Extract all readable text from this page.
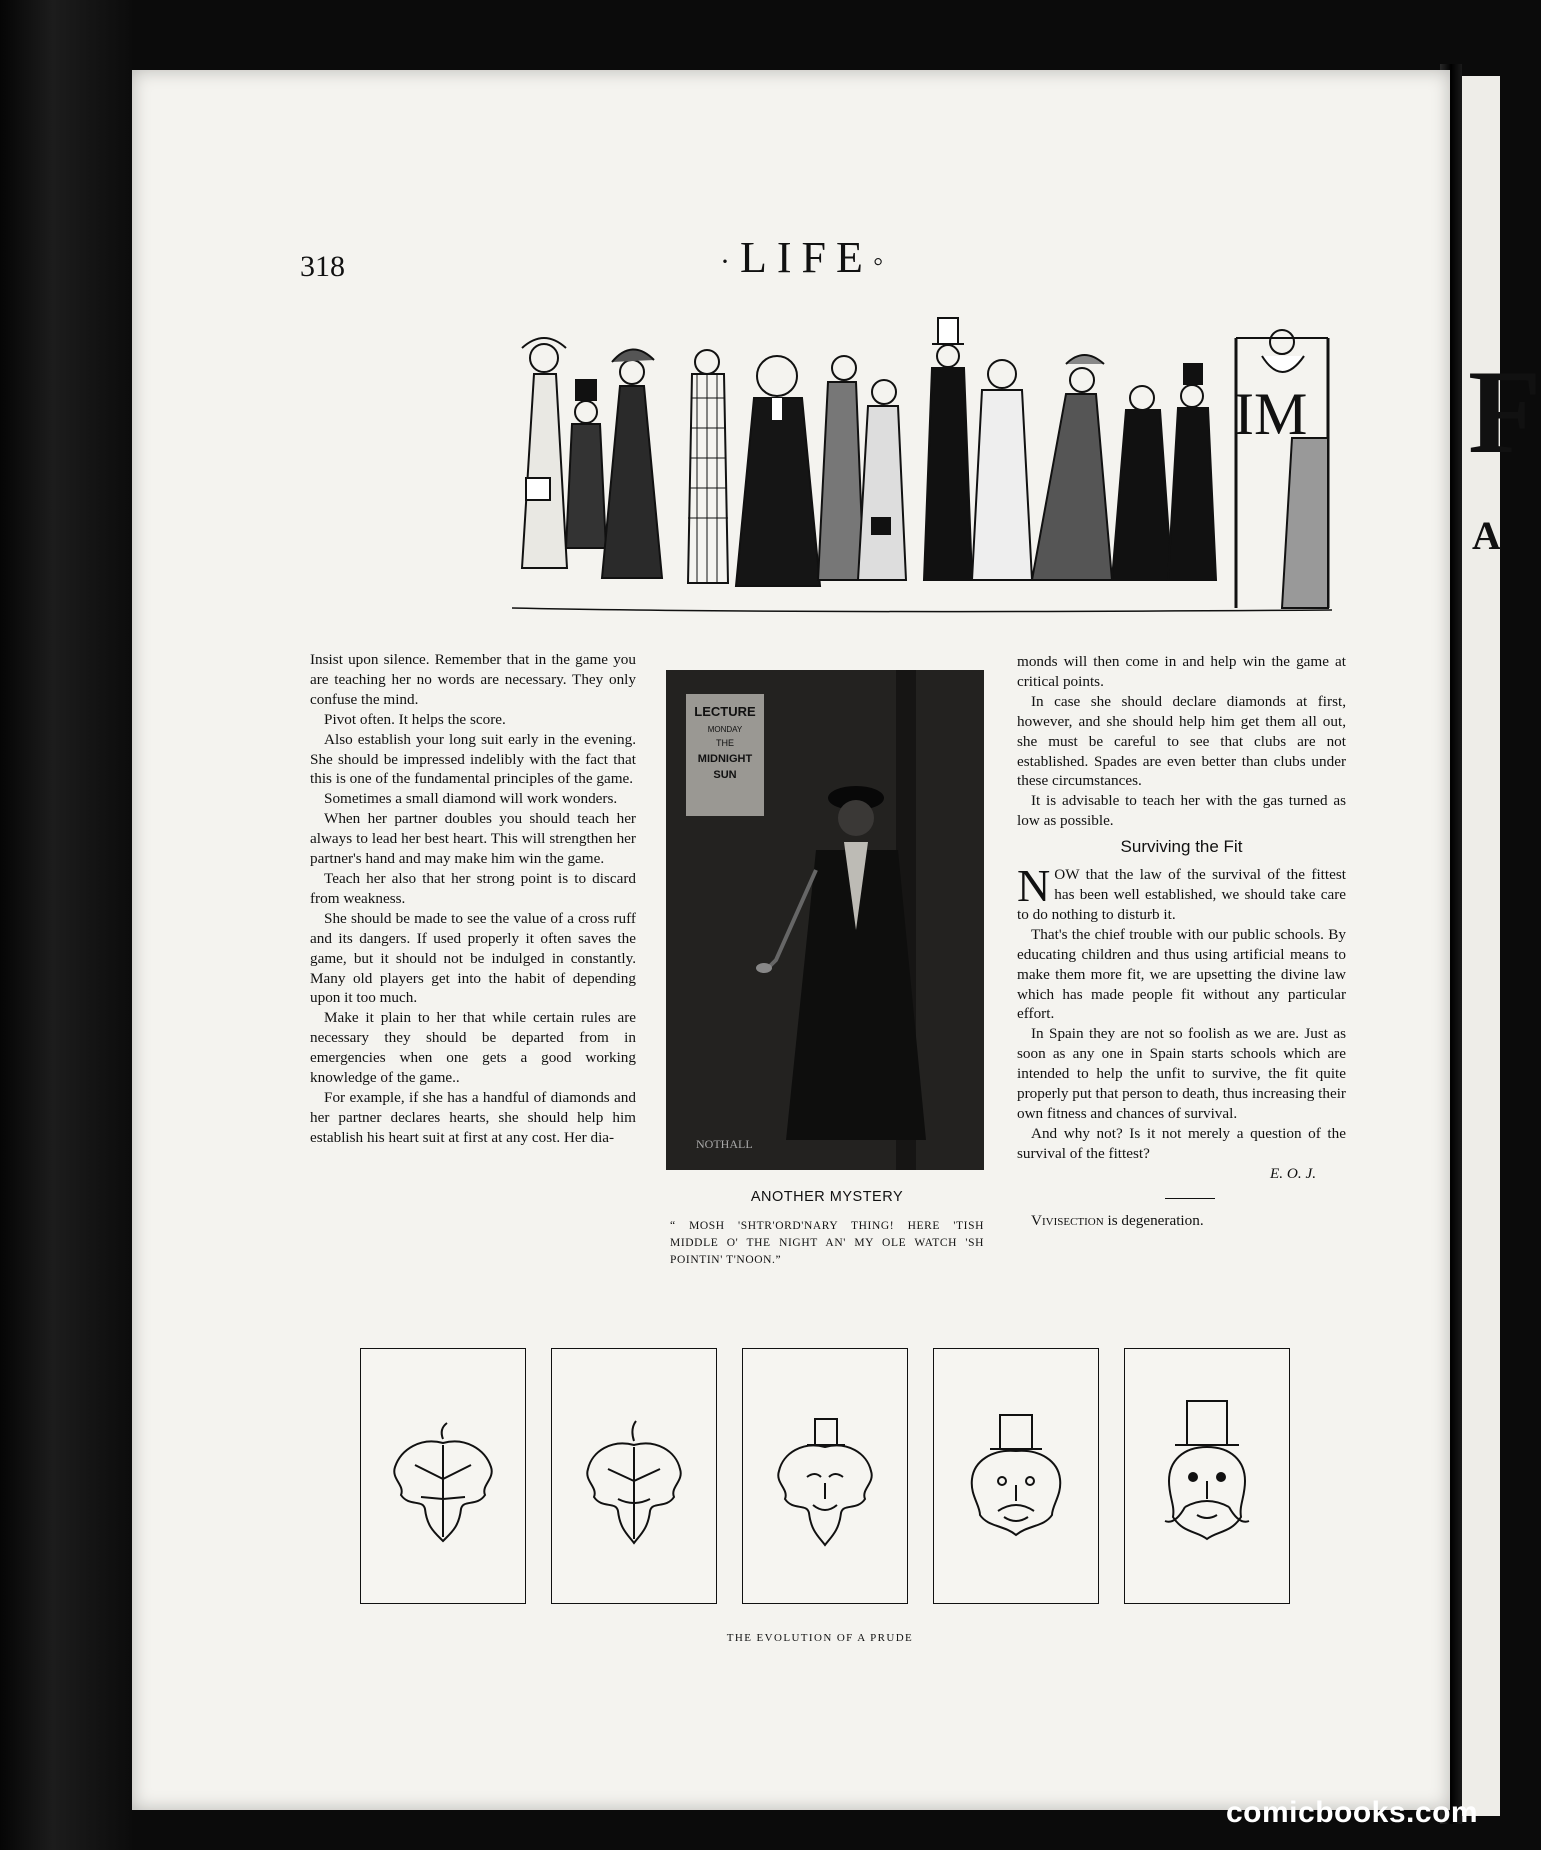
F
A
318	·LIFE◦
IM

Insist upon silence. Remember that in the game you are teaching her no words are necessary. They only confuse the mind.

Pivot often. It helps the score.

Also establish your long suit early in the evening. She should be impressed indelibly with the fact that this is one of the fundamental principles of the game.

Sometimes a small diamond will work wonders.

When her partner doubles you should teach her always to lead her best heart. This will strengthen her partner's hand and may make him win the game.

Teach her also that her strong point is to discard from weakness.

She should be made to see the value of a cross ruff and its dangers. If used properly it often saves the game, but it should not be indulged in constantly. Many old players get into the habit of depending upon it too much.

Make it plain to her that while certain rules are necessary they should be departed from in emergencies when one gets a good working knowledge of the game..

For example, if she has a handful of diamonds and her partner declares hearts, she should help him establish his heart suit at first at any cost. Her dia-

LECTURE
MONDAY
THE
MIDNIGHT
SUN
NOTHALL
ANOTHER MYSTERY
“ MOSH 'SHTR'ORD'NARY THING! HERE 'TISH MIDDLE O' THE NIGHT AN' MY OLE WATCH 'SH POINTIN' T'NOON.”

monds will then come in and help win the game at critical points.

In case she should declare diamonds at first, however, and she should help him get them all out, she must be careful to see that clubs are not established. Spades are even better than clubs under these circumstances.

It is advisable to teach her with the gas turned as low as possible.

Surviving the Fit

NOW that the law of the survival of the fittest has been well established, we should take care to do nothing to disturb it.

That's the chief trouble with our public schools. By educating children and thus using artificial means to make them more fit, we are upsetting the divine law which has made people fit without any particular effort.

In Spain they are not so foolish as we are. Just as soon as any one in Spain starts schools which are intended to help the unfit to survive, the fit quite properly put that person to death, thus increasing their own fitness and chances of survival.

And why not? Is it not merely a question of the survival of the fittest?

E. O. J.

Vivisection is degeneration.

THE EVOLUTION OF A PRUDE
comicbooks.com
